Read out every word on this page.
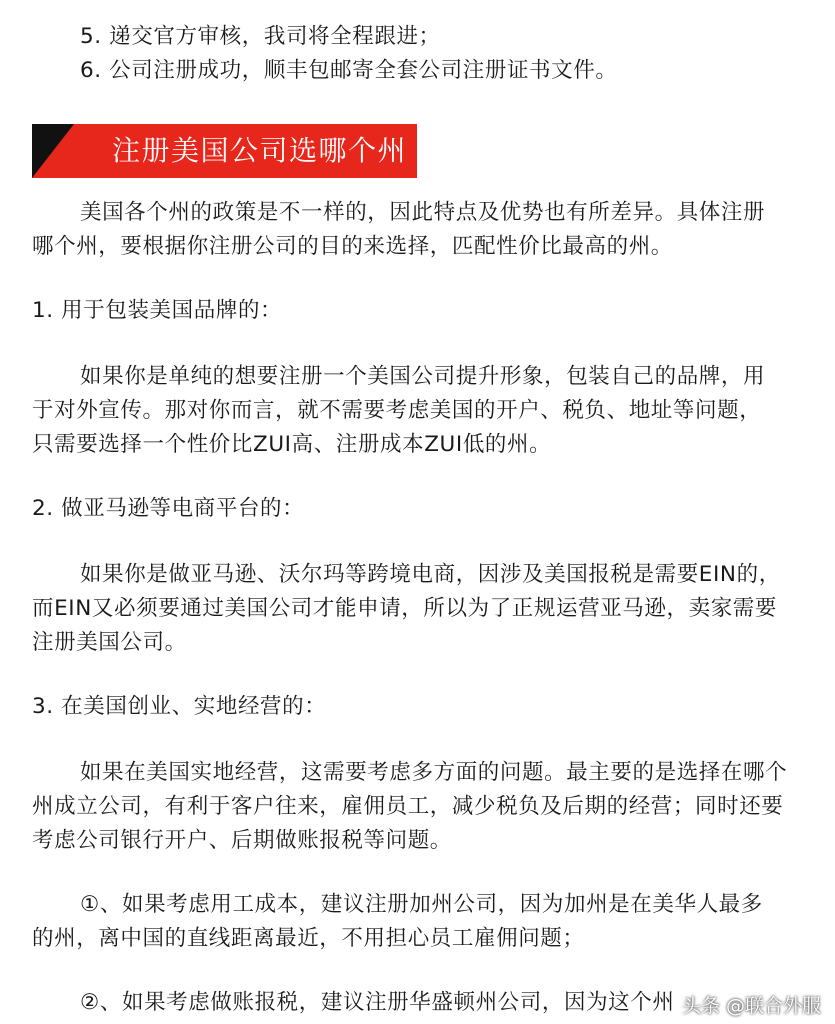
5. 递交官方审核，我司将全程跟进；
6. 公司注册成功，顺丰包邮寄全套公司注册证书文件。
注册美国公司选哪个州
美国各个州的政策是不一样的，因此特点及优势也有所差异。具体注册
哪个州，要根据你注册公司的目的来选择，匹配性价比最高的州。
1. 用于包装美国品牌的：
如果你是单纯的想要注册一个美国公司提升形象，包装自己的品牌，用
于对外宣传。那对你而言，就不需要考虑美国的开户、税负、地址等问题，
只需要选择一个性价比ZUI高、注册成本ZUI低的州。
2. 做亚马逊等电商平台的：
如果你是做亚马逊、沃尔玛等跨境电商，因涉及美国报税是需要EIN的，
而EIN又必须要通过美国公司才能申请，所以为了正规运营亚马逊，卖家需要
注册美国公司。
3. 在美国创业、实地经营的：
如果在美国实地经营，这需要考虑多方面的问题。最主要的是选择在哪个
州成立公司，有利于客户往来，雇佣员工，减少税负及后期的经营；同时还要
考虑公司银行开户、后期做账报税等问题。
①、如果考虑用工成本，建议注册加州公司，因为加州是在美华人最多
的州，离中国的直线距离最近，不用担心员工雇佣问题；
②、如果考虑做账报税，建议注册华盛顿州公司，因为这个州 头条 @联合外服
